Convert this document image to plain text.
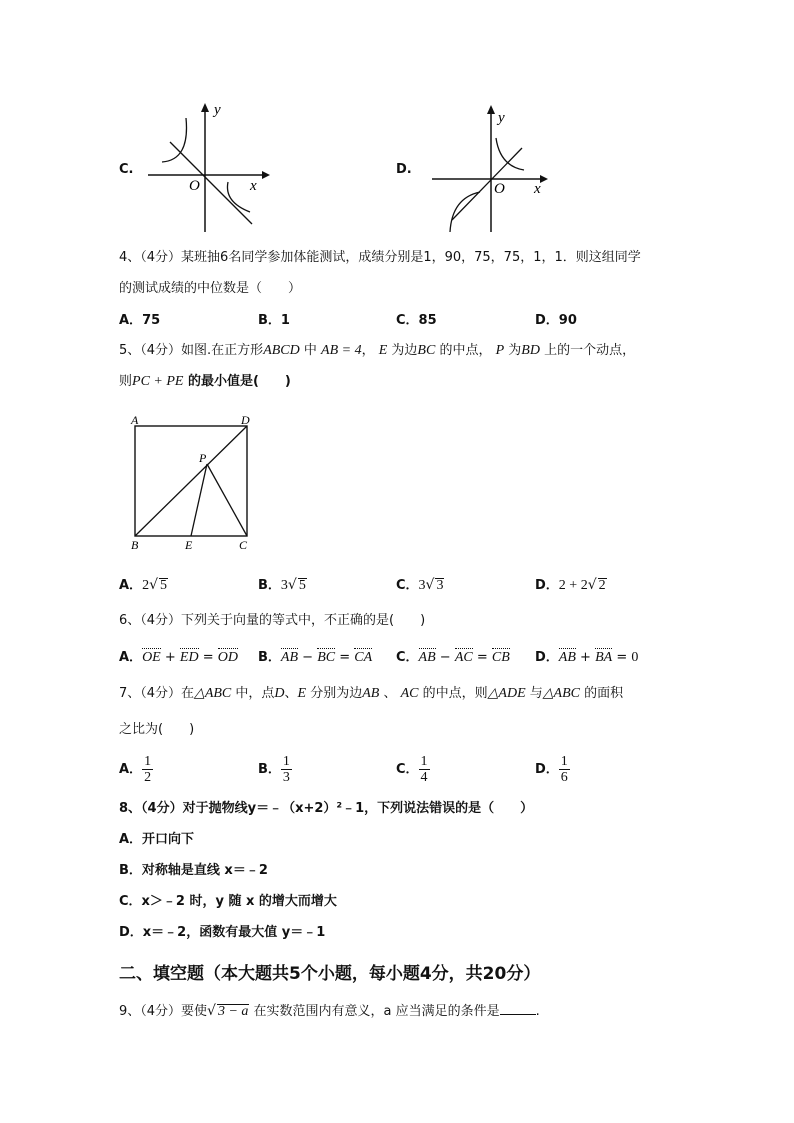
C.
y
O	x
D.
y
O x
4、（4分）某班抽6名同学参加体能测试，成绩分别是1，90，75，75，1，1．则这组同学
的测试成绩的中位数是（　　）
A．75	B．1	C．85	D．90
5、（4分）如图.在正方形ABCD 中 AB = 4， E 为边BC 的中点， P 为BD 上的一个动点，
则PC + PE 的最小值是(　　)
A	D
B	C
E
P
A．2√ 5	B．3√ 5	C．3√ 3	D．2 + 2√ 2
6、（4分）下列关于向量的等式中，不正确的是(　　)
A．OE + ED = OD B．AB − BC = CA C．AB − AC = CB D．AB + BA = 0
7、（4分）在△ABC 中，点D、E 分别为边AB 、 AC 的中点，则△ADE 与△ABC 的面积
之比为(　　)
A． $\frac{1}{2}$	B． $\frac{1}{3}$	C． $\frac{1}{4}$	D． $\frac{1}{6}$
8、（4分）对于抛物线y＝﹣（x+2）²﹣1，下列说法错误的是（　　）
A．开口向下
B．对称轴是直线 x＝﹣2
C．x＞﹣2 时，y 随 x 的增大而增大
D．x＝﹣2，函数有最大值 y＝﹣1
二、填空题（本大题共5个小题，每小题4分，共20分）
9、（4分）要使√ 3 − a 在实数范围内有意义，a 应当满足的条件是	.
